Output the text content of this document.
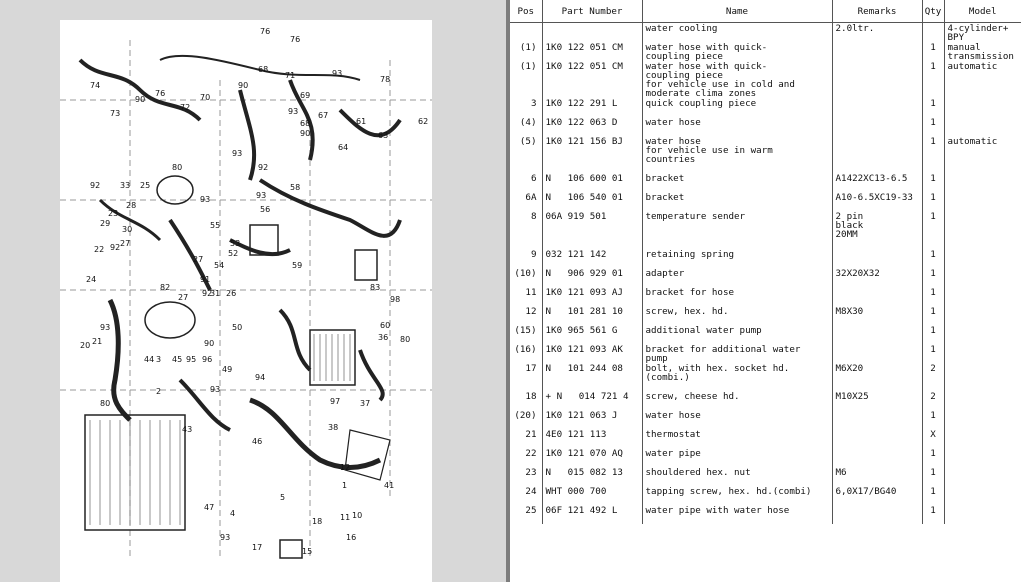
76
76
74
90
76	70
72
73
68
90
71	93
78
69
93 67
68
90
93
61	62
92
63
64
80
33 25
92
28
23
29
30
27
93
55
93
58
56
52
59
53
92
27
54
91
92
22
24
82
27	31 26
83
98
93
21
20
44 3 45 95
2
50
90
96
60
36 80
93
49
94
97 37
38
80
43
46
41
12
5
47
4
1
11
18
93
17	15
10
16
Pos	Part Number	Name	Remarks	Qty	Model
		water cooling	2.0ltr.		4-cylinder+
BPY
(1)	1K0 122 051 CM	water hose with quick-
coupling piece		1	manual
transmission
(1)	1K0 122 051 CM	water hose with quick-
coupling piece
for vehicle use in cold and
moderate clima zones		1	automatic
3	1K0 122 291 L	quick coupling piece		1	
(4)	1K0 122 063 D	water hose		1	
(5)	1K0 121 156 BJ	water hose
for vehicle use in warm
countries		1	automatic
6	N   106 600 01	bracket	A1422XC13-6.5	1	
6A	N   106 540 01	bracket	A10-6.5XC19-33	1	
8	06A 919 501	temperature sender	2 pin
black
20MM	1	
9	032 121 142	retaining spring		1	
(10)	N   906 929 01	adapter	32X20X32	1	
11	1K0 121 093 AJ	bracket for hose		1	
12	N   101 281 10	screw, hex. hd.	M8X30	1	
(15)	1K0 965 561 G	additional water pump		1	
(16)	1K0 121 093 AK	bracket for additional water
pump		1	
17	N   101 244 08	bolt, with hex. socket hd.
(combi.)	M6X20	2	
18	+ N   014 721 4	screw, cheese hd.	M10X25	2	
(20)	1K0 121 063 J	water hose		1	
21	4E0 121 113	thermostat		X	
22	1K0 121 070 AQ	water pipe		1	
23	N   015 082 13	shouldered hex. nut	M6	1	
24	WHT 000 700	tapping screw, hex. hd.(combi)	6,0X17/BG40	1	
25	06F 121 492 L	water pipe with water hose		1	
